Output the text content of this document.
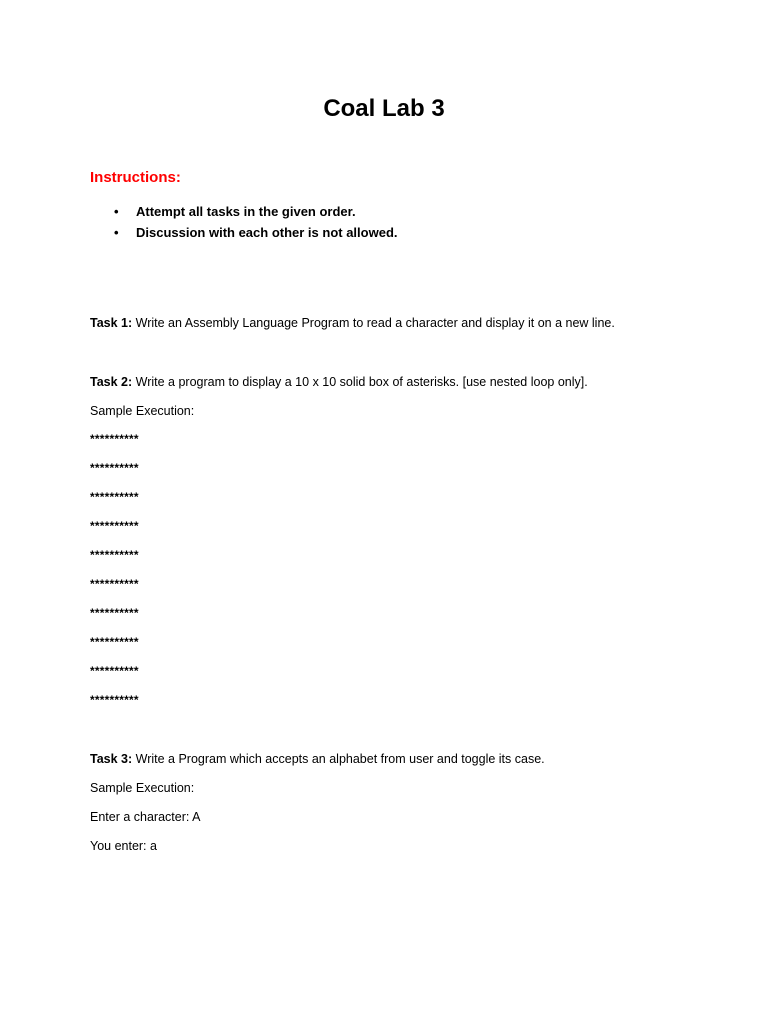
Coal Lab 3
Instructions:
• Attempt all tasks in the given order.
• Discussion with each other is not allowed.
Task 1: Write an Assembly Language Program to read a character and display it on a new line.
Task 2: Write a program to display a 10 x 10 solid box of asterisks. [use nested loop only].
Sample Execution:
**********
**********
**********
**********
**********
**********
**********
**********
**********
**********
Task 3: Write a Program which accepts an alphabet from user and toggle its case.
Sample Execution:
Enter a character: A
You enter: a
